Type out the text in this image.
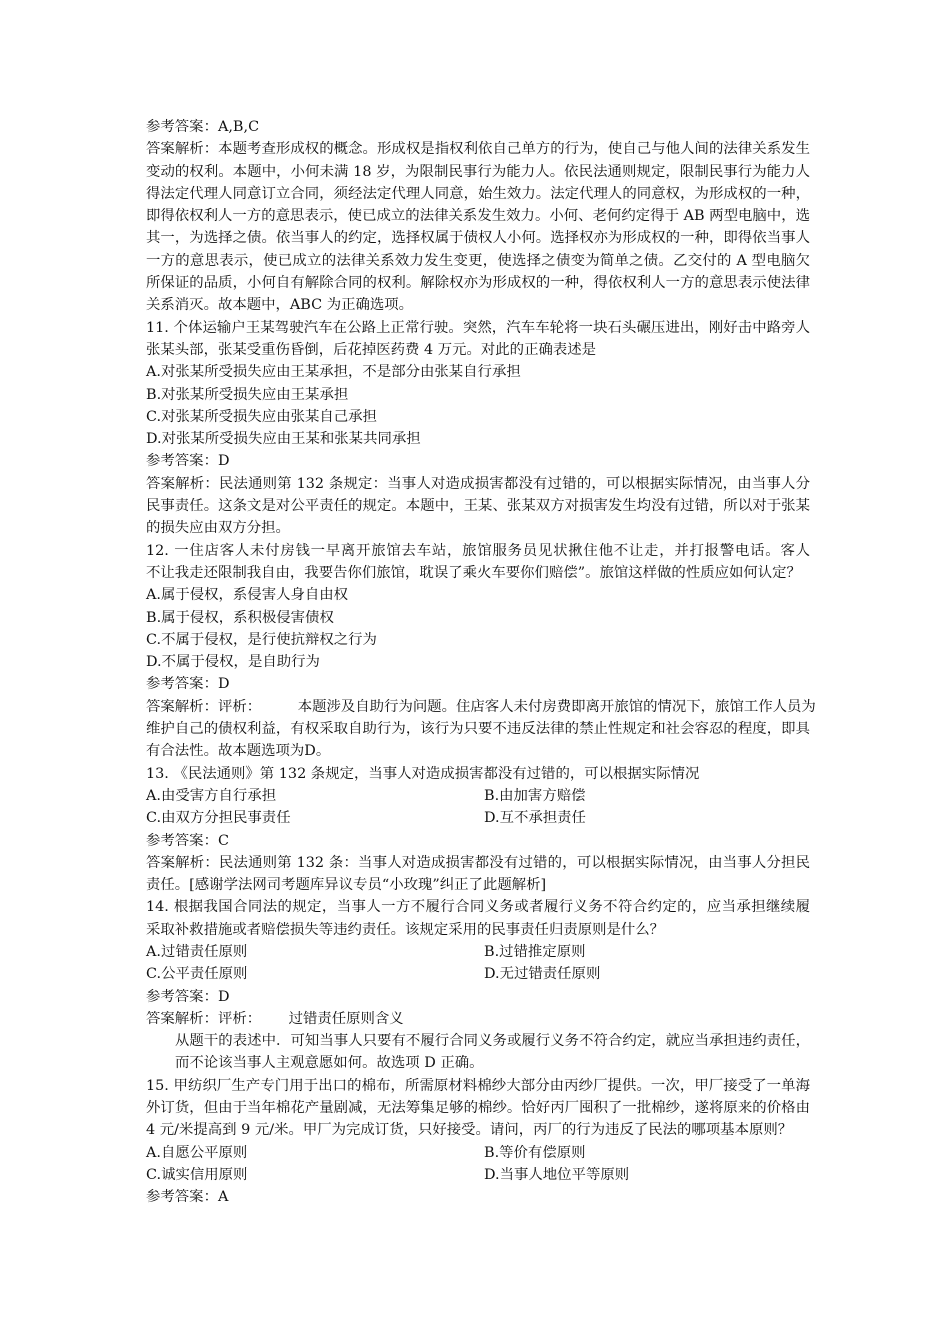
参考答案：A,B,C
答案解析：本题考查形成权的概念。形成权是指权利依自己单方的行为，使自己与他人间的法律关系发生
变动的权利。本题中，小何未满 18 岁，为限制民事行为能力人。依民法通则规定，限制民事行为能力人
得法定代理人同意订立合同，须经法定代理人同意，始生效力。法定代理人的同意权，为形成权的一种，
即得依权利人一方的意思表示，使已成立的法律关系发生效力。小何、老何约定得于 AB 两型电脑中，选
其一，为选择之债。依当事人的约定，选择权属于债权人小何。选择权亦为形成权的一种，即得依当事人
一方的意思表示，使已成立的法律关系效力发生变更，使选择之债变为简单之债。乙交付的 A 型电脑欠
所保证的品质，小何自有解除合同的权利。解除权亦为形成权的一种，得依权利人一方的意思表示使法律
关系消灭。故本题中，ABC 为正确选项。
11. 个体运输户王某驾驶汽车在公路上正常行驶。突然，汽车车轮将一块石头碾压进出，刚好击中路旁人
张某头部，张某受重伤昏倒，后花掉医药费 4 万元。对此的正确表述是
A.对张某所受损失应由王某承担，不是部分由张某自行承担
B.对张某所受损失应由王某承担
C.对张某所受损失应由张某自己承担
D.对张某所受损失应由王某和张某共同承担
参考答案：D
答案解析：民法通则第 132 条规定：当事人对造成损害都没有过错的，可以根据实际情况，由当事人分
民事责任。这条文是对公平责任的规定。本题中，王某、张某双方对损害发生均没有过错，所以对于张某
的损失应由双方分担。
12. 一住店客人未付房钱一早离开旅馆去车站，旅馆服务员见状揪住他不让走，并打报警电话。客人
不让我走还限制我自由，我要告你们旅馆，耽误了乘火车要你们赔偿”。旅馆这样做的性质应如何认定？
A.属于侵权，系侵害人身自由权
B.属于侵权，系积极侵害债权
C.不属于侵权，是行使抗辩权之行为
D.不属于侵权，是自助行为
参考答案：D
答案解析：评析：        本题涉及自助行为问题。住店客人未付房费即离开旅馆的情况下，旅馆工作人员为
维护自己的债权利益，有权采取自助行为，该行为只要不违反法律的禁止性规定和社会容忍的程度，即具
有合法性。故本题选项为D。
13. 《民法通则》第 132 条规定，当事人对造成损害都没有过错的，可以根据实际情况
A.由受害方自行承担	B.由加害方赔偿
C.由双方分担民事责任	D.互不承担责任
参考答案：C
答案解析：民法通则第 132 条：当事人对造成损害都没有过错的，可以根据实际情况，由当事人分担民
责任。[感谢学法网司考题库异议专员“小玫瑰”纠正了此题解析]
14. 根据我国合同法的规定，当事人一方不履行合同义务或者履行义务不符合约定的，应当承担继续履
采取补救措施或者赔偿损失等违约责任。该规定采用的民事责任归责原则是什么？
A.过错责任原则	B.过错推定原则
C.公平责任原则	D.无过错责任原则
参考答案：D
答案解析：评析：      过错责任原则含义
从题干的表述中．可知当事人只要有不履行合同义务或履行义务不符合约定，就应当承担违约责任，
而不论该当事人主观意愿如何。故选项 D 正确。
15. 甲纺织厂生产专门用于出口的棉布，所需原材料棉纱大部分由丙纱厂提供。一次，甲厂接受了一单海
外订货，但由于当年棉花产量剧减，无法筹集足够的棉纱。恰好丙厂囤积了一批棉纱，遂将原来的价格由
4 元/米提高到 9 元/米。甲厂为完成订货，只好接受。请问，丙厂的行为违反了民法的哪项基本原则？
A.自愿公平原则	B.等价有偿原则
C.诚实信用原则	D.当事人地位平等原则
参考答案：A
